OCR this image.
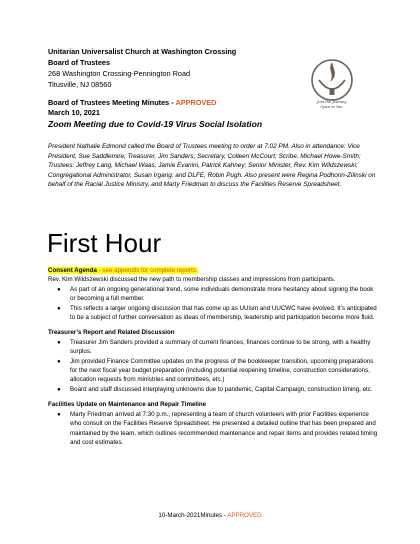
Unitarian Universalist Church at Washington Crossing
Board of Trustees
268 Washington Crossing-Pennington Road
Titusville, NJ 08560
Join the Journey.
Open to You.
Board of Trustees Meeting Minutes - APPROVED
March 10, 2021
Zoom Meeting due to Covid-19 Virus Social Isolation
President Nathalie Edmond called the Board of Trustees meeting to order at 7:02 PM. Also in attendance: Vice President, Sue Saddlemire; Treasurer, Jim Sanders; Secretary, Colleen McCourt; Scribe, Michael Howe-Smith; Trustees: Jeffrey Lang, Michael Waas, Jamie Evanini, Patrick Kahney; Senior Minister, Rev. Kim Wildszewski; Congregational Administrator, Susan Irgang; and DLFE, Robin Pugh. Also present were Regina Podhorin-Zilinski on behalf of the Racial Justice Ministry, and Marty Friedman to discuss the Facilities Reserve Spreadsheet.
First Hour
Consent Agenda - see appendix for complete reports.
Rev. Kim Wildszewski discussed the new path to membership classes and impressions from participants.
● As part of an ongoing generational trend, some individuals demonstrate more hesitancy about signing the book or becoming a full member.
● This reflects a larger ongoing discussion that has come up as UUism and UUCWC have evolved. It’s anticipated to be a subject of further conversation as ideas of membership, leadership and participation become more fluid.
Treasurer’s Report and Related Discussion
● Treasurer Jim Sanders provided a summary of current finances; finances continue to be strong, with a healthy surplus.
● Jim provided Finance Committee updates on the progress of the bookkeeper transition, upcoming preparations for the next fiscal year budget preparation (including potential reopening timeline, construction considerations, allocation requests from ministries and committees, etc.)
● Board and staff discussed interplaying unknowns due to pandemic, Capital Campaign, construction timing, etc.
Facilities Update on Maintenance and Repair Timeline
● Marty Friedman arrived at 7:30 p.m., representing a team of church volunteers with prior Facilities experience who consult on the Facilities Reserve Spreadsheet. He presented a detailed outline that has been prepared and maintained by the team, which outlines recommended maintenance and repair items and provides related timing and cost estimates.
10-March-2021Minutes - APPROVED
